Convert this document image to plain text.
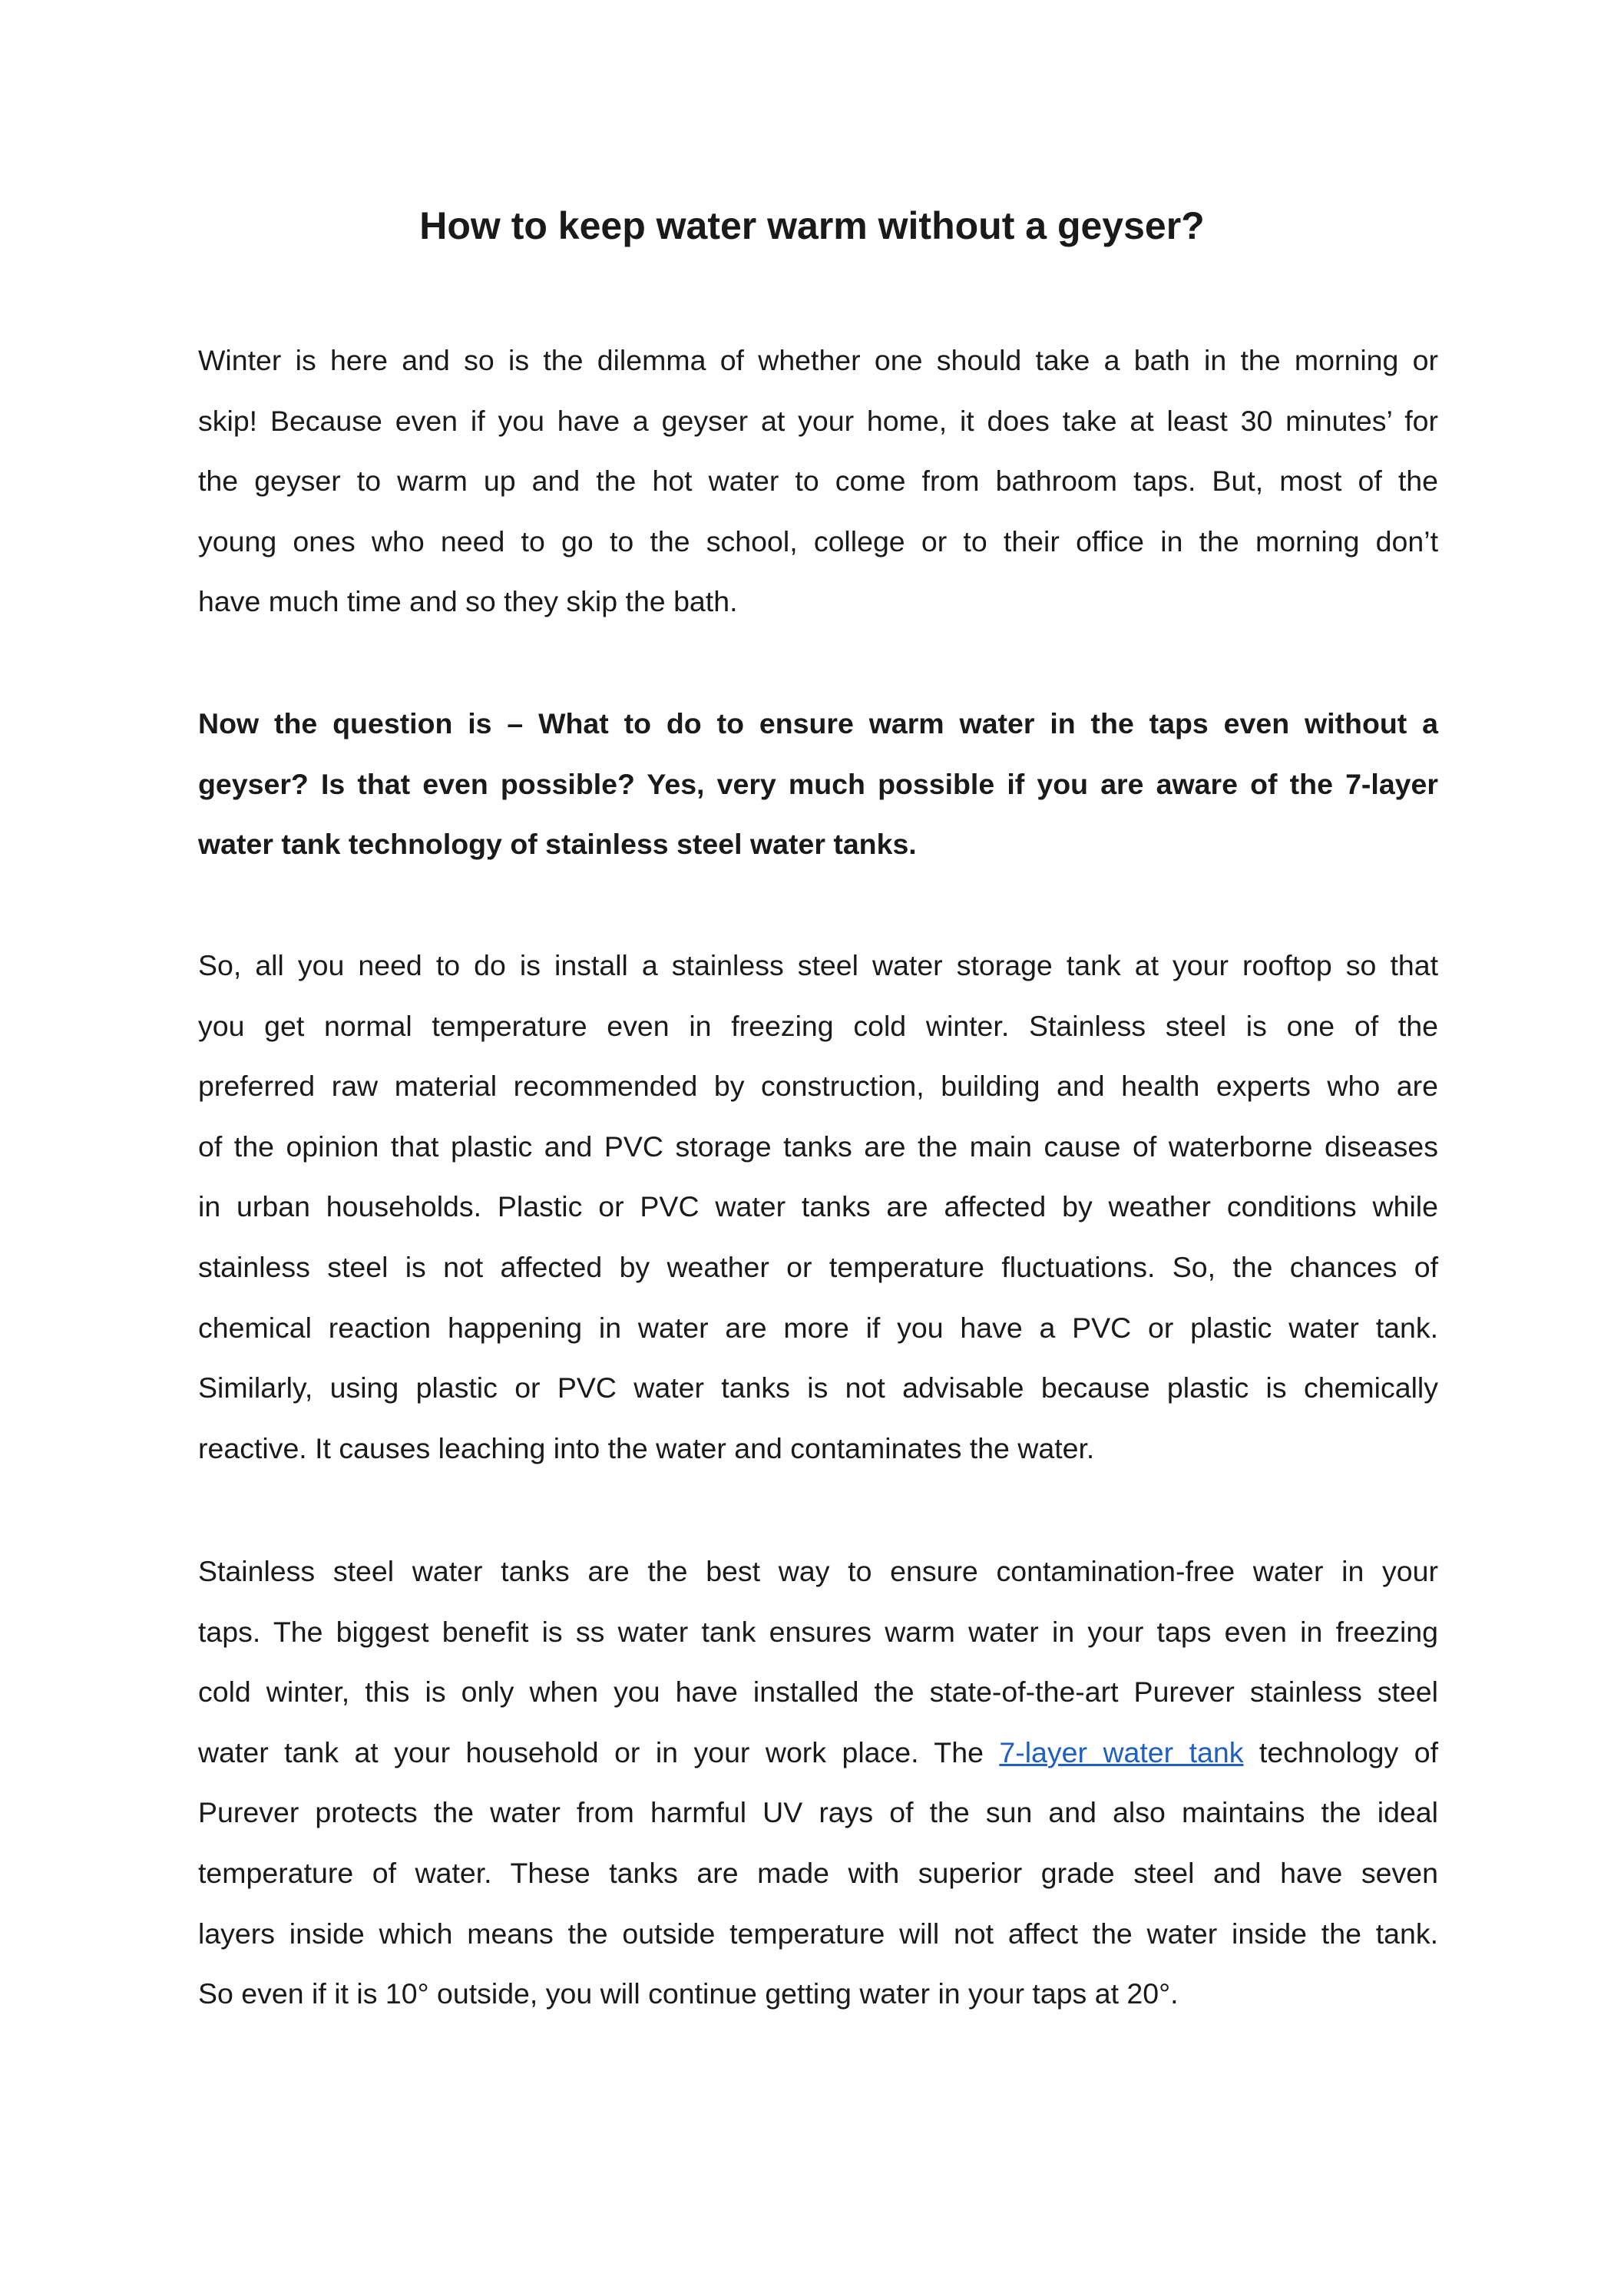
How to keep water warm without a geyser?
Winter is here and so is the dilemma of whether one should take a bath in the morning or
skip! Because even if you have a geyser at your home, it does take at least 30 minutes’ for
the geyser to warm up and the hot water to come from bathroom taps. But, most of the
young ones who need to go to the school, college or to their office in the morning don’t
have much time and so they skip the bath.
Now the question is – What to do to ensure warm water in the taps even without a
geyser? Is that even possible? Yes, very much possible if you are aware of the 7-layer
water tank technology of stainless steel water tanks.
So, all you need to do is install a stainless steel water storage tank at your rooftop so that
you get normal temperature even in freezing cold winter. Stainless steel is one of the
preferred raw material recommended by construction, building and health experts who are
of the opinion that plastic and PVC storage tanks are the main cause of waterborne diseases
in urban households. Plastic or PVC water tanks are affected by weather conditions while
stainless steel is not affected by weather or temperature fluctuations. So, the chances of
chemical reaction happening in water are more if you have a PVC or plastic water tank.
Similarly, using plastic or PVC water tanks is not advisable because plastic is chemically
reactive. It causes leaching into the water and contaminates the water.
Stainless steel water tanks are the best way to ensure contamination-free water in your
taps. The biggest benefit is ss water tank ensures warm water in your taps even in freezing
cold winter, this is only when you have installed the state-of-the-art Purever stainless steel
water tank at your household or in your work place. The 7-layer water tank technology of
Purever protects the water from harmful UV rays of the sun and also maintains the ideal
temperature of water. These tanks are made with superior grade steel and have seven
layers inside which means the outside temperature will not affect the water inside the tank.
So even if it is 10° outside, you will continue getting water in your taps at 20°.
